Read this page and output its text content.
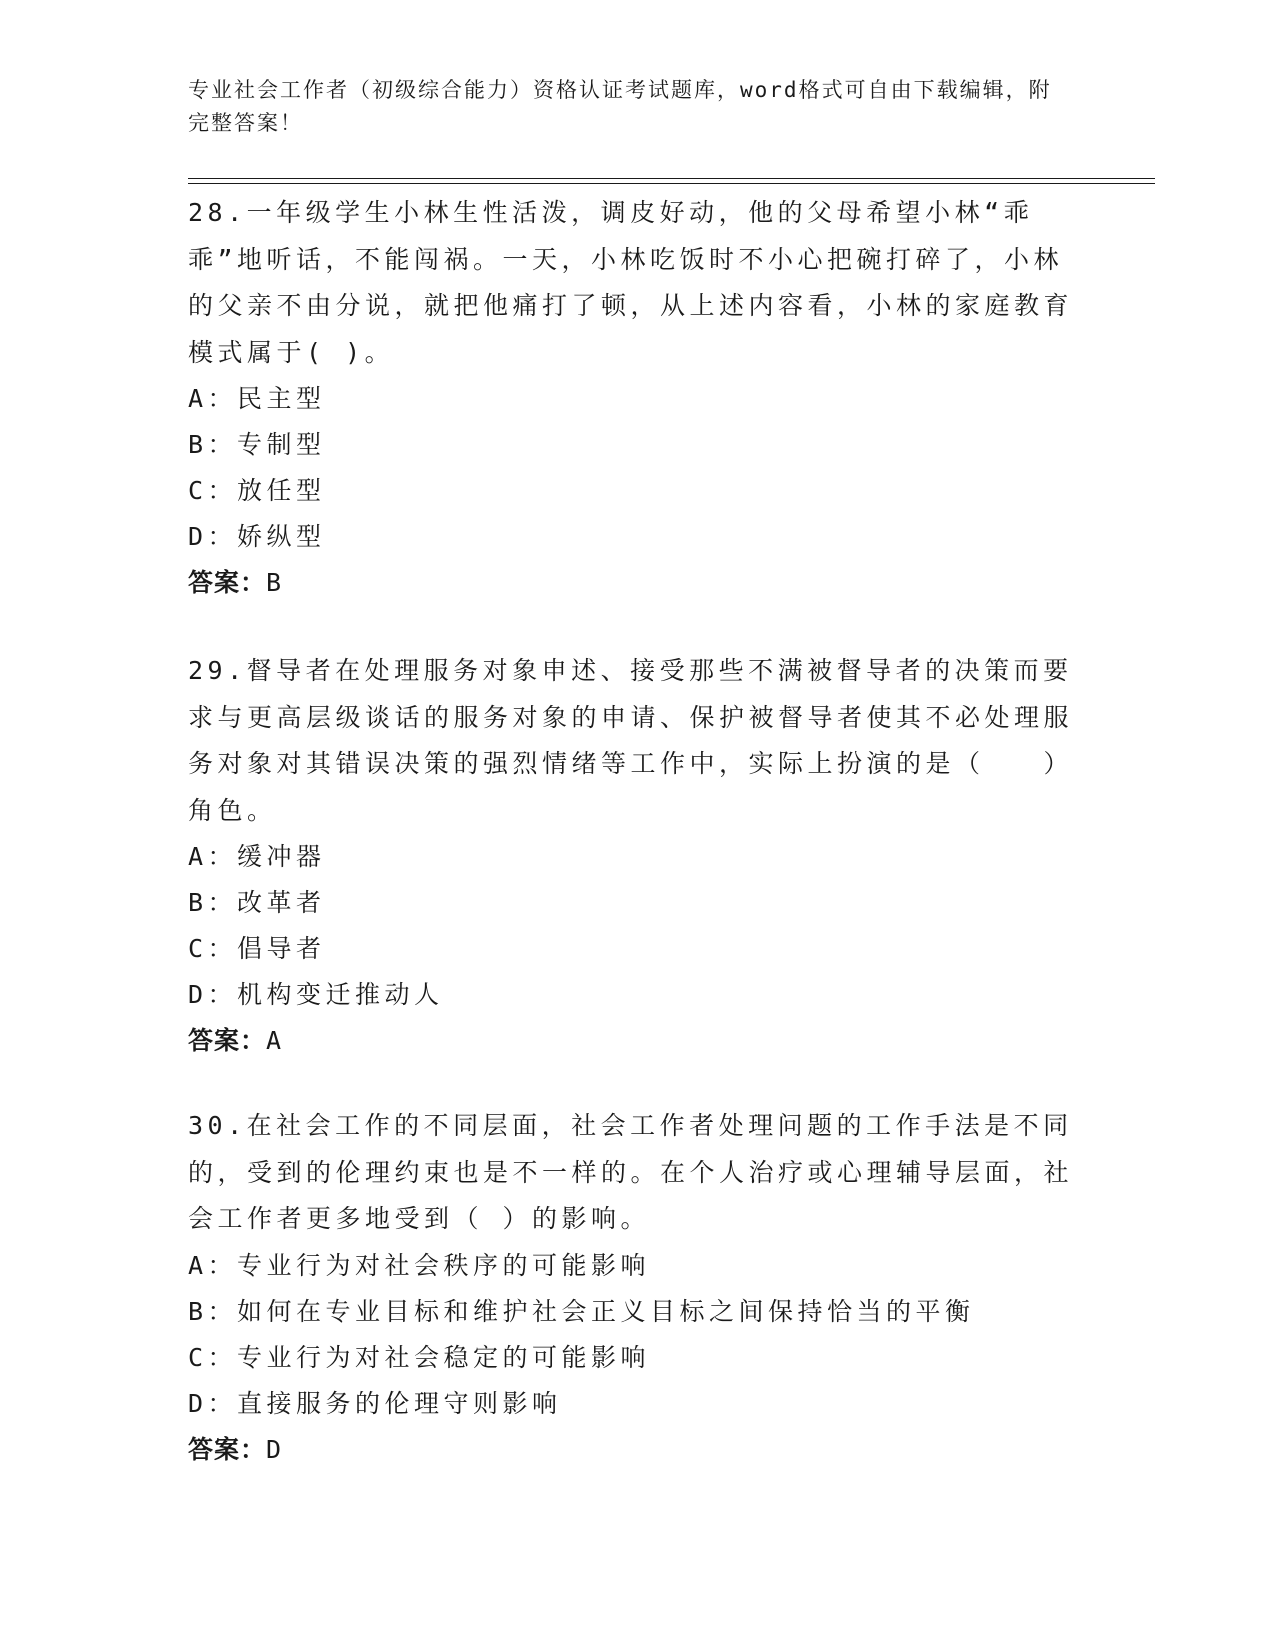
专业社会工作者（初级综合能力）资格认证考试题库，word格式可自由下载编辑，附完整答案！

28.一年级学生小林生性活泼，调皮好动，他的父母希望小林“乖乖”地听话，不能闯祸。一天，小林吃饭时不小心把碗打碎了，小林的父亲不由分说，就把他痛打了顿，从上述内容看，小林的家庭教育模式属于( )。

A：民主型

B：专制型

C：放任型

D：娇纵型

答案：B

29.督导者在处理服务对象申述、接受那些不满被督导者的决策而要求与更高层级谈话的服务对象的申请、保护被督导者使其不必处理服务对象对其错误决策的强烈情绪等工作中，实际上扮演的是（　　）角色。

A：缓冲器

B：改革者

C：倡导者

D：机构变迁推动人

答案：A

30.在社会工作的不同层面，社会工作者处理问题的工作手法是不同的，受到的伦理约束也是不一样的。在个人治疗或心理辅导层面，社会工作者更多地受到（ ）的影响。

A：专业行为对社会秩序的可能影响

B：如何在专业目标和维护社会正义目标之间保持恰当的平衡

C：专业行为对社会稳定的可能影响

D：直接服务的伦理守则影响

答案：D
